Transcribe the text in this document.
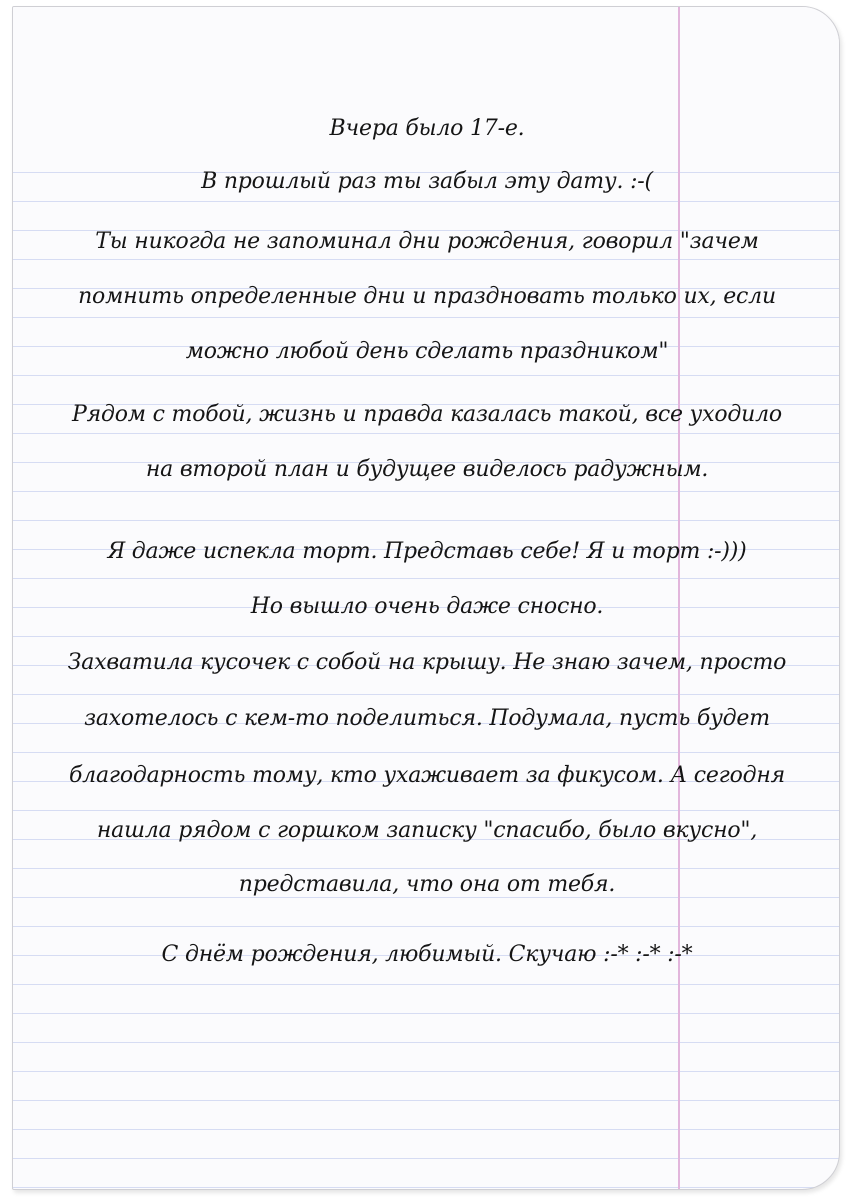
Вчера было 17-е.
В прошлый раз ты забыл эту дату. :-(
Ты никогда не запоминал дни рождения, говорил "зачем
помнить определенные дни и праздновать только их, если
можно любой день сделать праздником"
Рядом с тобой, жизнь и правда казалась такой, все уходило
на второй план и будущее виделось радужным.
Я даже испекла торт. Представь себе! Я и торт :-)))
Но вышло очень даже сносно.
Захватила кусочек с собой на крышу. Не знаю зачем, просто
захотелось с кем-то поделиться. Подумала, пусть будет
благодарность тому, кто ухаживает за фикусом. А сегодня
нашла рядом с горшком записку "спасибо, было вкусно",
представила, что она от тебя.
С днём рождения, любимый. Скучаю :-* :-* :-*
